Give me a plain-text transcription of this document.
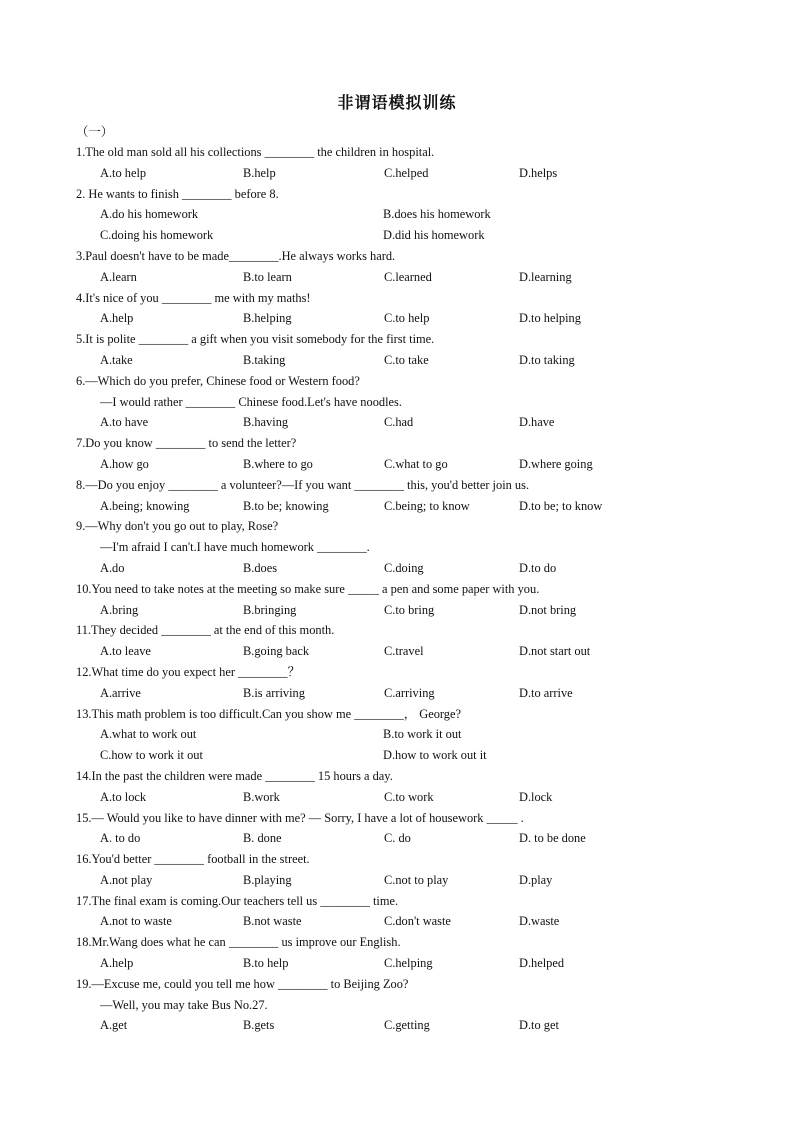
非谓语模拟训练
（一）
1.The old man sold all his collections ________ the children in hospital.
A.to help	B.help	C.helped	D.helps
2. He wants to finish ________ before 8.
A.do his homework	B.does his homework
C.doing his homework	D.did his homework
3.Paul doesn't have to be made________.He always works hard.
A.learn	B.to learn	C.learned	D.learning
4.It's nice of you ________ me with my maths!
A.help	B.helping	C.to help	D.to helping
5.It is polite ________ a gift when you visit somebody for the first time.
A.take	B.taking	C.to take	D.to taking
6.—Which do you prefer, Chinese food or Western food?
—I would rather ________ Chinese food.Let's have noodles.
A.to have	B.having	C.had	D.have
7.Do you know ________ to send the letter?
A.how go	B.where to go	C.what to go	D.where going
8.—Do you enjoy ________ a volunteer?—If you want ________ this, you'd better join us.
A.being; knowing	B.to be; knowing	C.being; to know	D.to be; to know
9.—Why don't you go out to play, Rose?
—I'm afraid I can't.I have much homework ________.
A.do	B.does	C.doing	D.to do
10.You need to take notes at the meeting so make sure _____ a pen and some paper with you.
A.bring	B.bringing	C.to bring	D.not bring
11.They decided ________ at the end of this month.
A.to leave	B.going back	C.travel	D.not start out
12.What time do you expect her ________？
A.arrive	B.is arriving	C.arriving	D.to arrive
13.This math problem is too difficult.Can you show me ________， George?
A.what to work out	B.to work it out
C.how to work it out	D.how to work out it
14.In the past the children were made ________ 15 hours a day.
A.to lock	B.work	C.to work	D.lock
15.— Would you like to have dinner with me? — Sorry, I have a lot of housework _____ .
A. to do	B. done	C. do	D. to be done
16.You'd better ________ football in the street.
A.not play	B.playing	C.not to play	D.play
17.The final exam is coming.Our teachers tell us ________ time.
A.not to waste	B.not waste	C.don't waste	D.waste
18.Mr.Wang does what he can ________ us improve our English.
A.help	B.to help	C.helping	D.helped
19.—Excuse me, could you tell me how ________ to Beijing Zoo?
—Well, you may take Bus No.27.
A.get	B.gets	C.getting	D.to get
